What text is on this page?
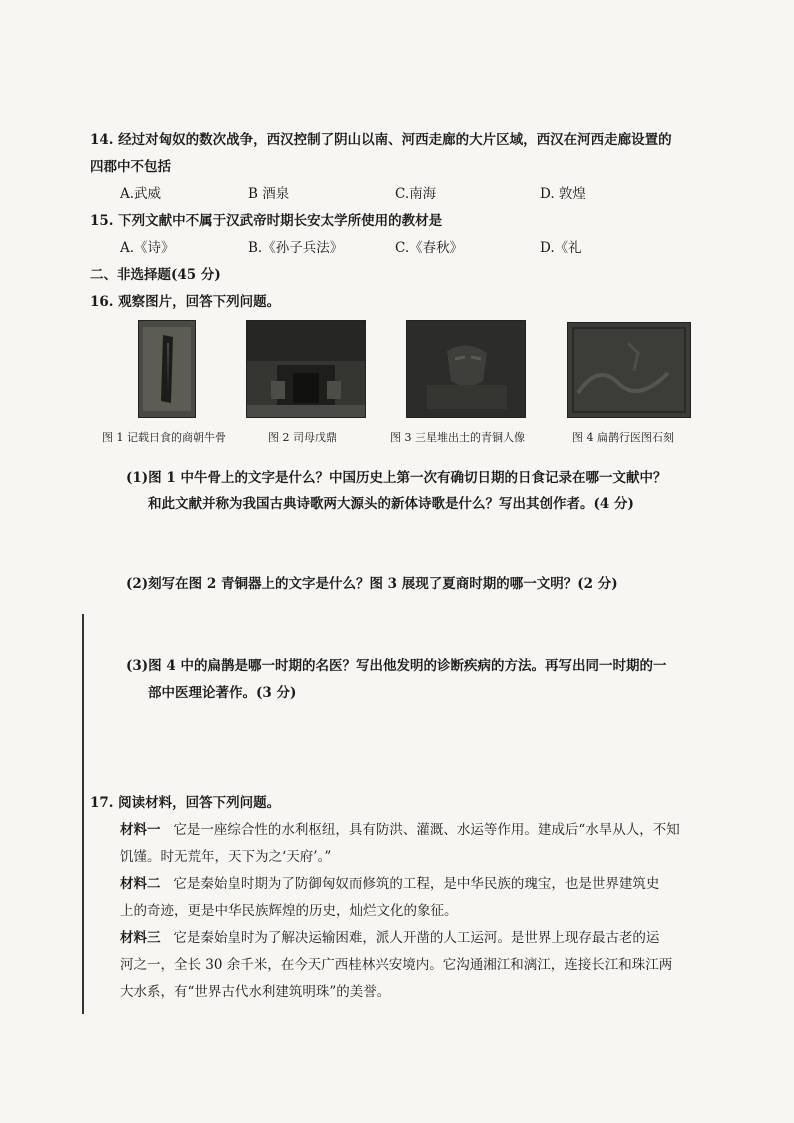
14. 经过对匈奴的数次战争，西汉控制了阴山以南、河西走廊的大片区域，西汉在河西走廊设置的
四郡中不包括
A.武威	B 酒泉	C.南海	D. 敦煌
15. 下列文献中不属于汉武帝时期长安太学所使用的教材是
A.《诗》	B.《孙子兵法》	C.《春秋》	D.《礼
二、非选择题(45 分)
16. 观察图片，回答下列问题。
图 1 记载日食的商朝牛骨	图 2 司母戊鼎	图 3 三星堆出土的青铜人像	图 4 扁鹊行医图石刻
(1)图 1 中牛骨上的文字是什么？中国历史上第一次有确切日期的日食记录在哪一文献中？
和此文献并称为我国古典诗歌两大源头的新体诗歌是什么？写出其创作者。(4 分)
(2)刻写在图 2 青铜器上的文字是什么？图 3 展现了夏商时期的哪一文明？(2 分)
(3)图 4 中的扁鹊是哪一时期的名医？写出他发明的诊断疾病的方法。再写出同一时期的一
部中医理论著作。(3 分)
17. 阅读材料，回答下列问题。
材料一 它是一座综合性的水利枢纽，具有防洪、灌溉、水运等作用。建成后“水旱从人，不知
饥馑。时无荒年，天下为之‘天府’。”
材料二 它是秦始皇时期为了防御匈奴而修筑的工程，是中华民族的瑰宝，也是世界建筑史
上的奇迹，更是中华民族辉煌的历史，灿烂文化的象征。
材料三 它是秦始皇时为了解决运输困难，派人开凿的人工运河。是世界上现存最古老的运
河之一，全长 30 余千米，在今天广西桂林兴安境内。它沟通湘江和漓江，连接长江和珠江两
大水系，有“世界古代水利建筑明珠”的美誉。
